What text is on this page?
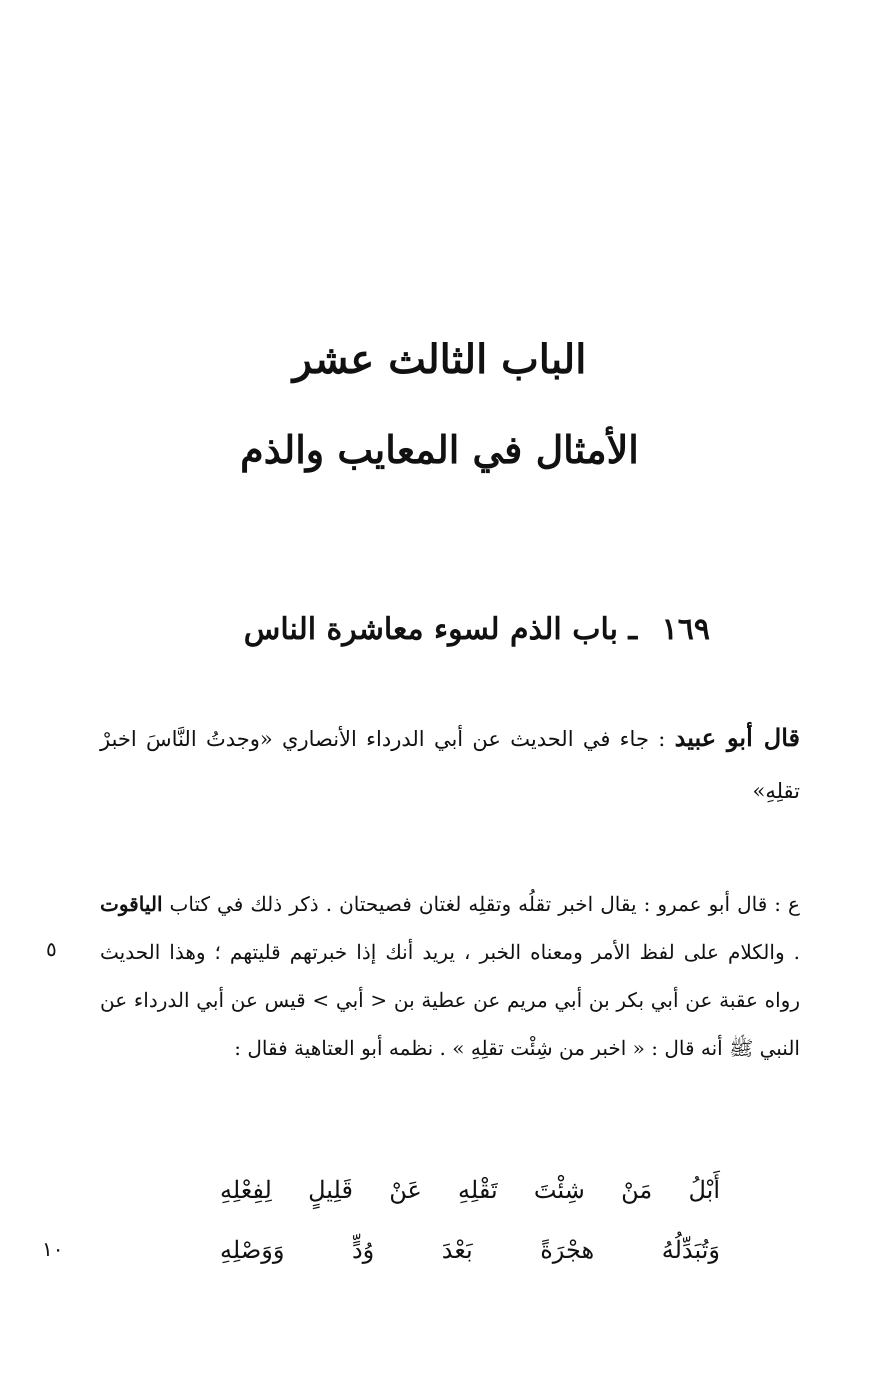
الباب الثالث عشر
الأمثال في المعايب والذم
١٦٩ ـ باب الذم لسوء معاشرة الناس
قال أبو عبيد : جاء في الحديث عن أبي الدرداء الأنصاري «وجدتُ النَّاسَ اخبرْ تقلِهِ»
ع : قال أبو عمرو : يقال اخبر تقلُه وتقلِه لغتان فصيحتان . ذكر ذلك في كتاب الياقوت . والكلام على لفظ الأمر ومعناه الخبر ، يريد أنك إذا خبرتهم قليتهم ؛ وهذا الحديث رواه عقبة عن أبي بكر بن أبي مريم عن عطية بن < أبي > قيس عن أبي الدرداء عن النبي ﷺ أنه قال : « اخبر من شِئْت تقلِهِ » . نظمه أبو العتاهية فقال :
أَبْلُ
مَنْ
شِئْتَ
تَقْلِهِ
عَنْ
قَلِيلٍ
لِفِعْلِهِ
وَتُبَدِّلُهُ
هجْرَةً
بَعْدَ
وُدٍّ
وَوَصْلِهِ
٥
١٠
